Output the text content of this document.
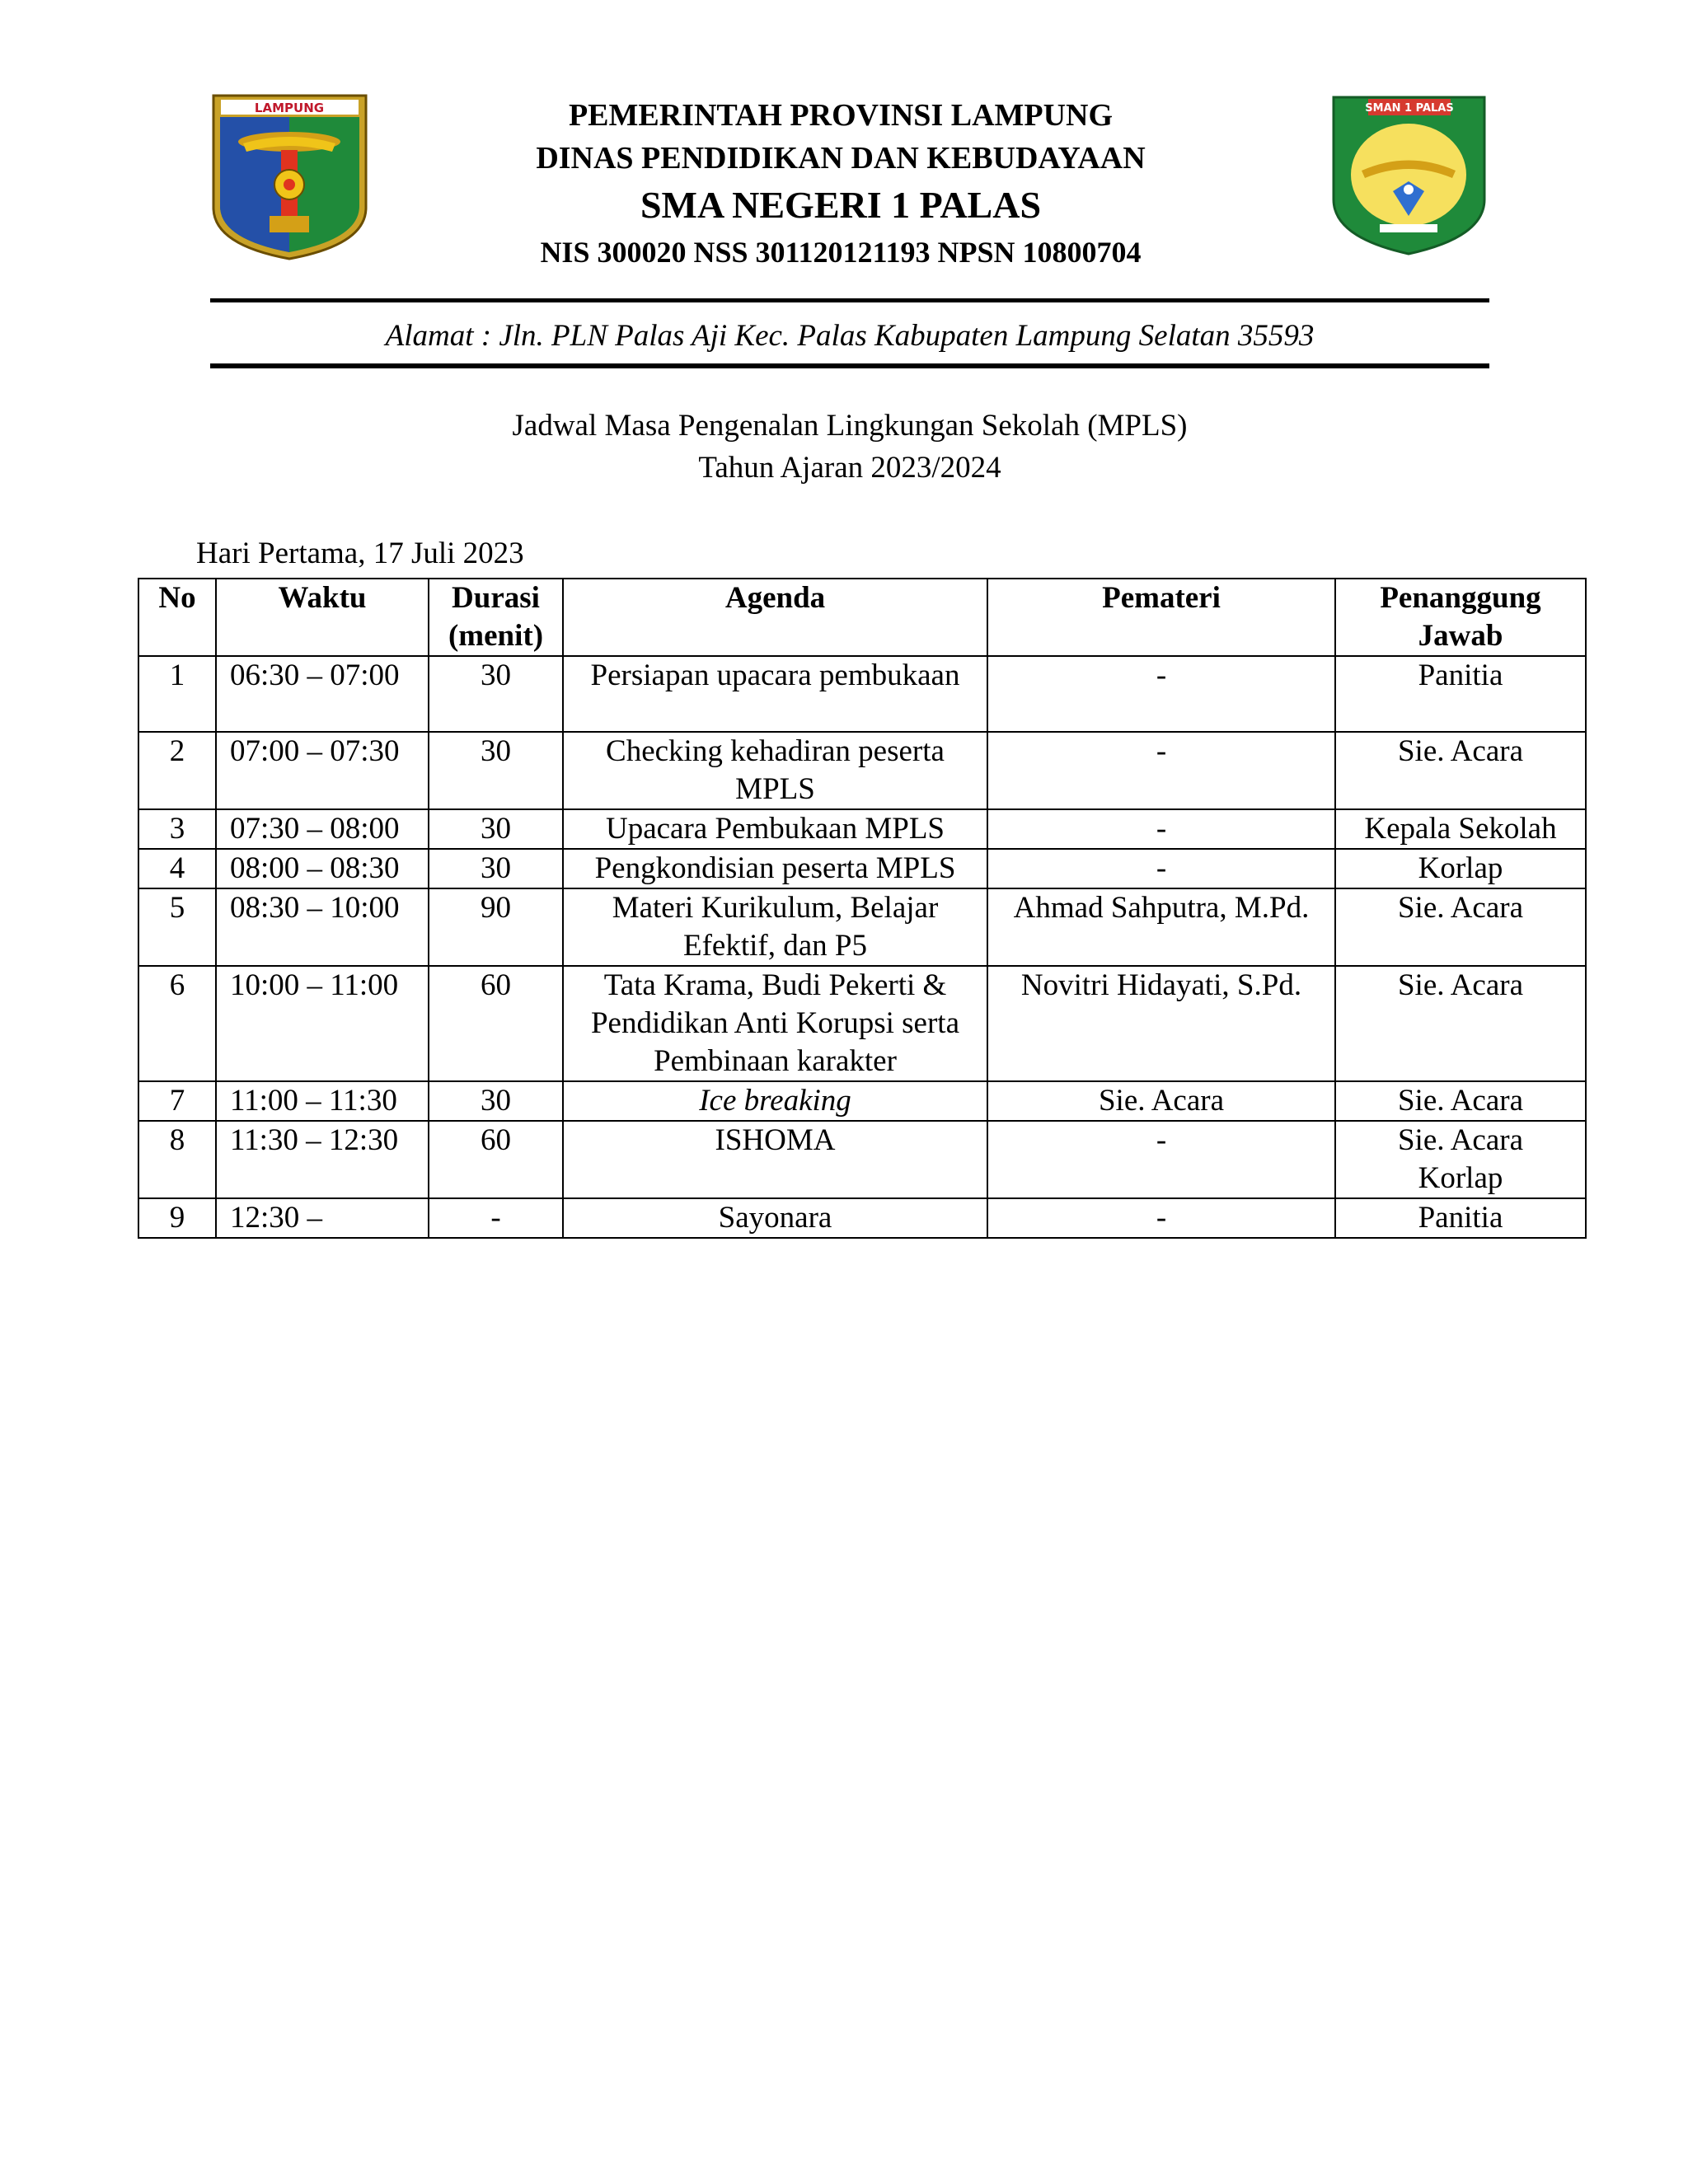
LAMPUNG	SMAN 1 PALAS
PEMERINTAH PROVINSI LAMPUNG
DINAS PENDIDIKAN DAN KEBUDAYAAN
SMA NEGERI 1 PALAS
NIS 300020 NSS 301120121193 NPSN 10800704
Alamat : Jln. PLN Palas Aji Kec. Palas Kabupaten Lampung Selatan 35593
Jadwal Masa Pengenalan Lingkungan Sekolah (MPLS)
Tahun Ajaran 2023/2024
Hari Pertama, 17 Juli 2023
No	Waktu	Durasi (menit)	Agenda	Pemateri	Penanggung Jawab
1	06:30 – 07:00	30	Persiapan upacara pembukaan	-	Panitia
2	07:00 – 07:30	30	Checking kehadiran peserta MPLS	-	Sie. Acara
3	07:30 – 08:00	30	Upacara Pembukaan MPLS	-	Kepala Sekolah
4	08:00 – 08:30	30	Pengkondisian peserta MPLS	-	Korlap
5	08:30 – 10:00	90	Materi Kurikulum, Belajar Efektif, dan P5	Ahmad Sahputra, M.Pd.	Sie. Acara
6	10:00 – 11:00	60	Tata Krama, Budi Pekerti & Pendidikan Anti Korupsi serta Pembinaan karakter	Novitri Hidayati, S.Pd.	Sie. Acara
7	11:00 – 11:30	30	Ice breaking	Sie. Acara	Sie. Acara
8	11:30 – 12:30	60	ISHOMA	-	Sie. Acara Korlap
9	12:30 –	-	Sayonara	-	Panitia
